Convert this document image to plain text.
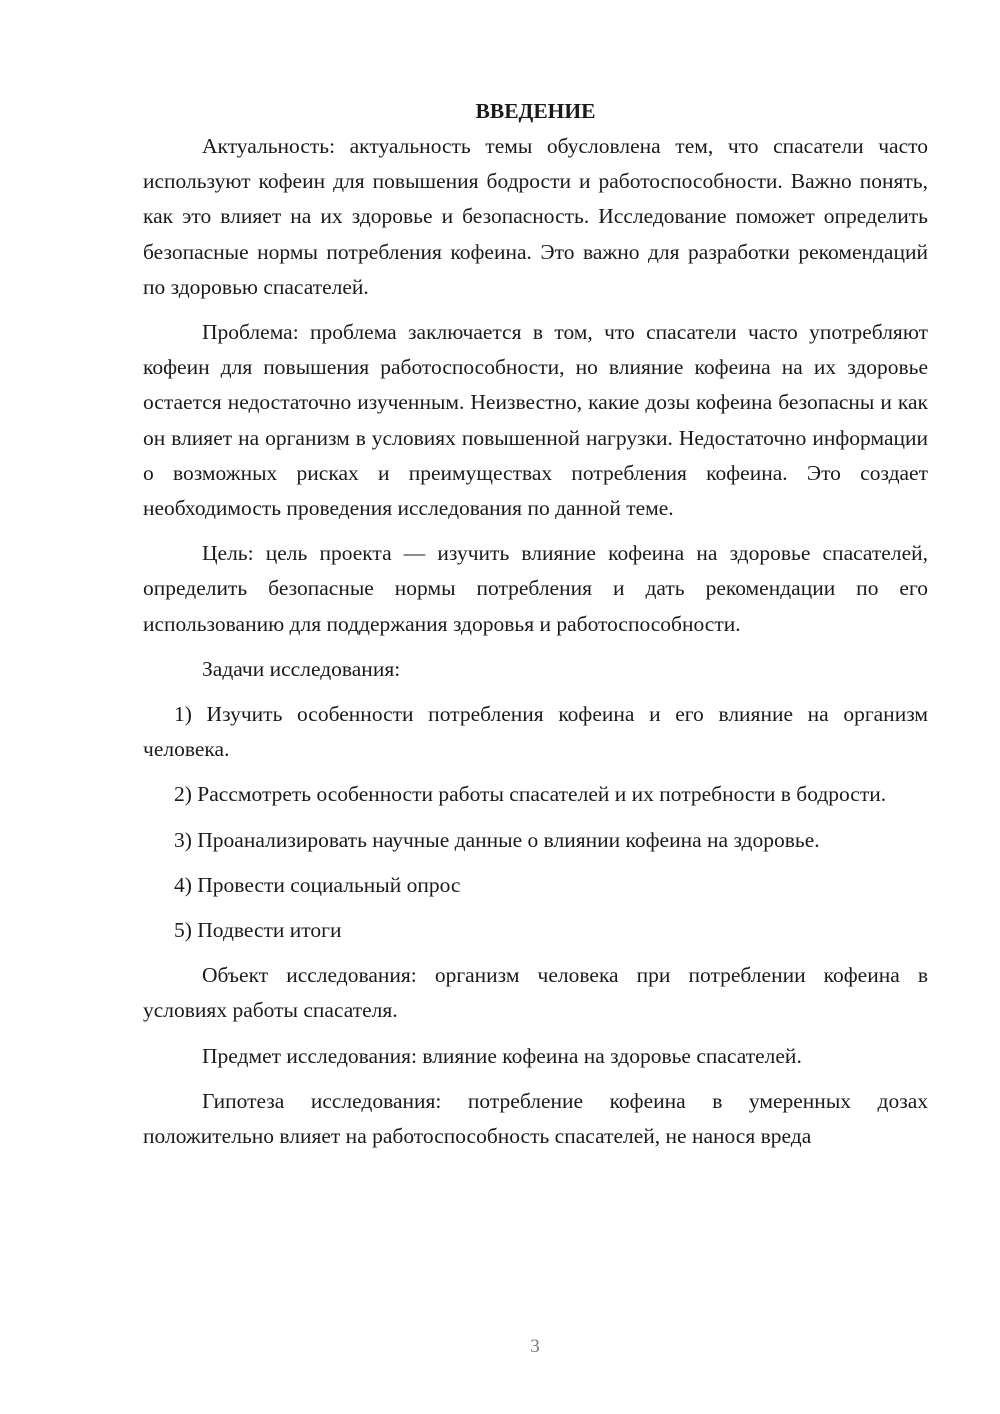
ВВЕДЕНИЕ

Актуальность: актуальность темы обусловлена тем, что спасатели часто используют кофеин для повышения бодрости и работоспособности. Важно понять, как это влияет на их здоровье и безопасность. Исследование поможет определить безопасные нормы потребления кофеина. Это важно для разработки рекомендаций по здоровью спасателей.

Проблема: проблема заключается в том, что спасатели часто употребляют кофеин для повышения работоспособности, но влияние кофеина на их здоровье остается недостаточно изученным. Неизвестно, какие дозы кофеина безопасны и как он влияет на организм в условиях повышенной нагрузки. Недостаточно информации о возможных рисках и преимуществах потребления кофеина. Это создает необходимость проведения исследования по данной теме.

Цель: цель проекта — изучить влияние кофеина на здоровье спасателей, определить безопасные нормы потребления и дать рекомендации по его использованию для поддержания здоровья и работоспособности.

Задачи исследования:

1) Изучить особенности потребления кофеина и его влияние на организм человека.

2) Рассмотреть особенности работы спасателей и их потребности в бодрости.

3) Проанализировать научные данные о влиянии кофеина на здоровье.

4) Провести социальный опрос

5) Подвести итоги

Объект исследования: организм человека при потреблении кофеина в условиях работы спасателя.

Предмет исследования: влияние кофеина на здоровье спасателей.

Гипотеза исследования: потребление кофеина в умеренных дозах положительно влияет на работоспособность спасателей, не нанося вреда

3
